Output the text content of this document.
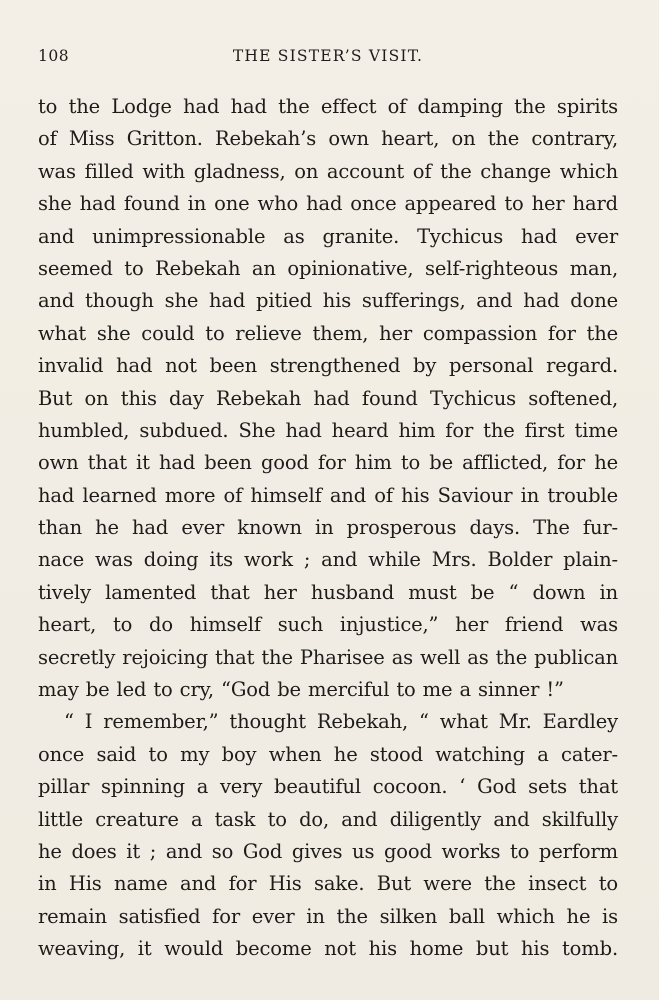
108	THE SISTER’S VISIT.
to the Lodge had had the effect of damping the spirits
of Miss Gritton. Rebekah’s own heart, on the contrary,
was filled with gladness, on account of the change which
she had found in one who had once appeared to her hard
and unimpressionable as granite. Tychicus had ever
seemed to Rebekah an opinionative, self-righteous man,
and though she had pitied his sufferings, and had done
what she could to relieve them, her compassion for the
invalid had not been strengthened by personal regard.
But on this day Rebekah had found Tychicus softened,
humbled, subdued. She had heard him for the first time
own that it had been good for him to be afflicted, for he
had learned more of himself and of his Saviour in trouble
than he had ever known in prosperous days. The fur-
nace was doing its work ; and while Mrs. Bolder plain-
tively lamented that her husband must be “ down in
heart, to do himself such injustice,” her friend was
secretly rejoicing that the Pharisee as well as the publican
may be led to cry, “God be merciful to me a sinner !”
“ I remember,” thought Rebekah, “ what Mr. Eardley
once said to my boy when he stood watching a cater-
pillar spinning a very beautiful cocoon. ‘ God sets that
little creature a task to do, and diligently and skilfully
he does it ; and so God gives us good works to perform
in His name and for His sake. But were the insect to
remain satisfied for ever in the silken ball which he is
weaving, it would become not his home but his tomb.
